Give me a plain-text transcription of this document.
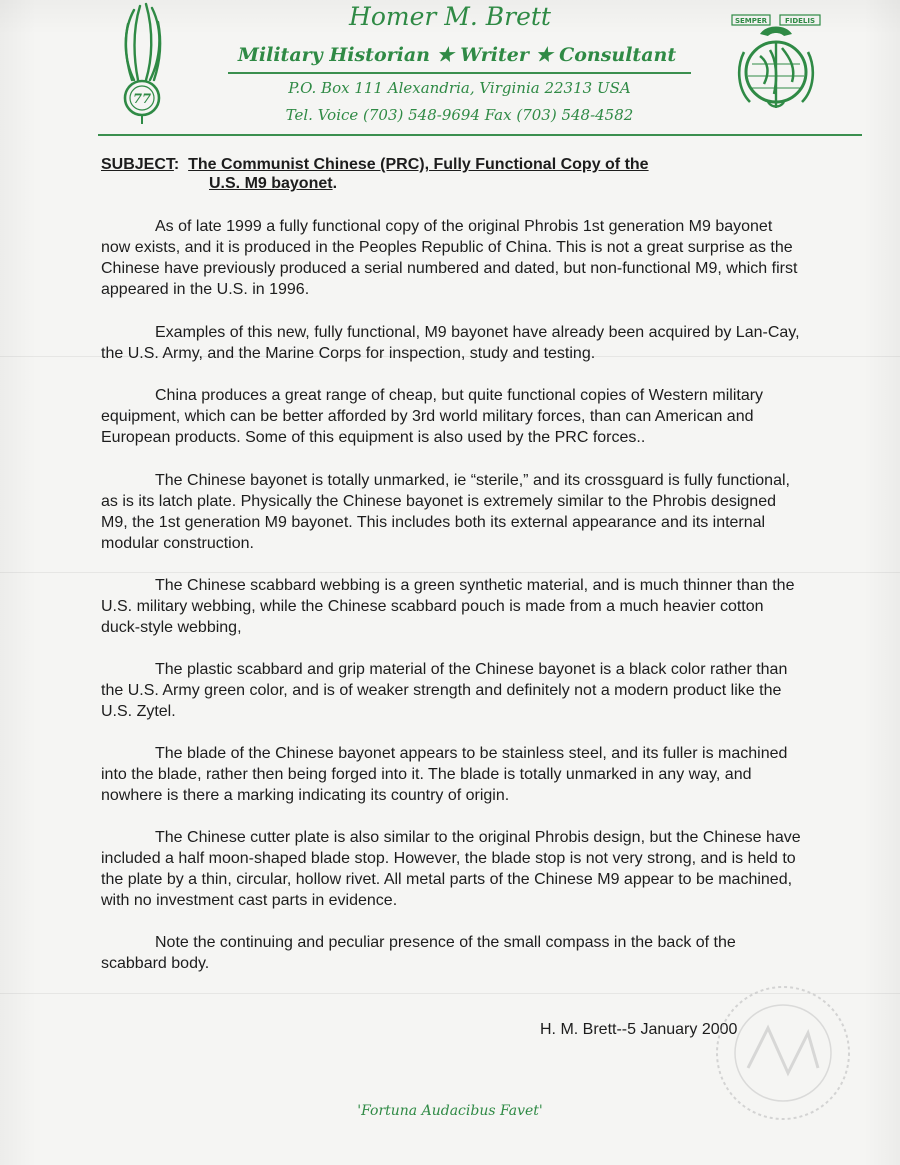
77
Homer M. Brett
Military Historian ★ Writer ★ Consultant
P.O. Box 111 Alexandria, Virginia 22313 USA
Tel. Voice (703) 548-9694 Fax (703) 548-4582
SEMPER	FIDELIS
SUBJECT:  The Communist Chinese (PRC), Fully Functional Copy of the
U.S. M9 bayonet.

As of late 1999 a fully functional copy of the original Phrobis 1st generation M9 bayonet now exists, and it is produced in the Peoples Republic of China. This is not a great surprise as the Chinese have previously produced a serial numbered and dated, but non-functional M9, which first appeared in the U.S. in 1996.

Examples of this new, fully functional, M9 bayonet have already been acquired by Lan-Cay, the U.S. Army, and the Marine Corps for inspection, study and testing.

China produces a great range of cheap, but quite functional copies of Western military equipment, which can be better afforded by 3rd world military forces, than can American and European products. Some of this equipment is also used by the PRC forces..

The Chinese bayonet is totally unmarked, ie “sterile,” and its crossguard is fully functional, as is its latch plate. Physically the Chinese bayonet is extremely similar to the Phrobis designed M9, the 1st generation M9 bayonet. This includes both its external appearance and its internal modular construction.

The Chinese scabbard webbing is a green synthetic material, and is much thinner than the U.S. military webbing, while the Chinese scabbard pouch is made from a much heavier cotton duck-style webbing,

The plastic scabbard and grip material of the Chinese bayonet is a black color rather than the U.S. Army green color, and is of weaker strength and definitely not a modern product like the U.S. Zytel.

The blade of the Chinese bayonet appears to be stainless steel, and its fuller is machined into the blade, rather then being forged into it. The blade is totally unmarked in any way, and nowhere is there a marking indicating its country of origin.

The Chinese cutter plate is also similar to the original Phrobis design, but the Chinese have included a half moon-shaped blade stop. However, the blade stop is not very strong, and is held to the plate by a thin, circular, hollow rivet. All metal parts of the Chinese M9 appear to be machined, with no investment cast parts in evidence.

Note the continuing and peculiar presence of the small compass in the back of the scabbard body.

H. M. Brett--5 January 2000
'Fortuna Audacibus Favet'
